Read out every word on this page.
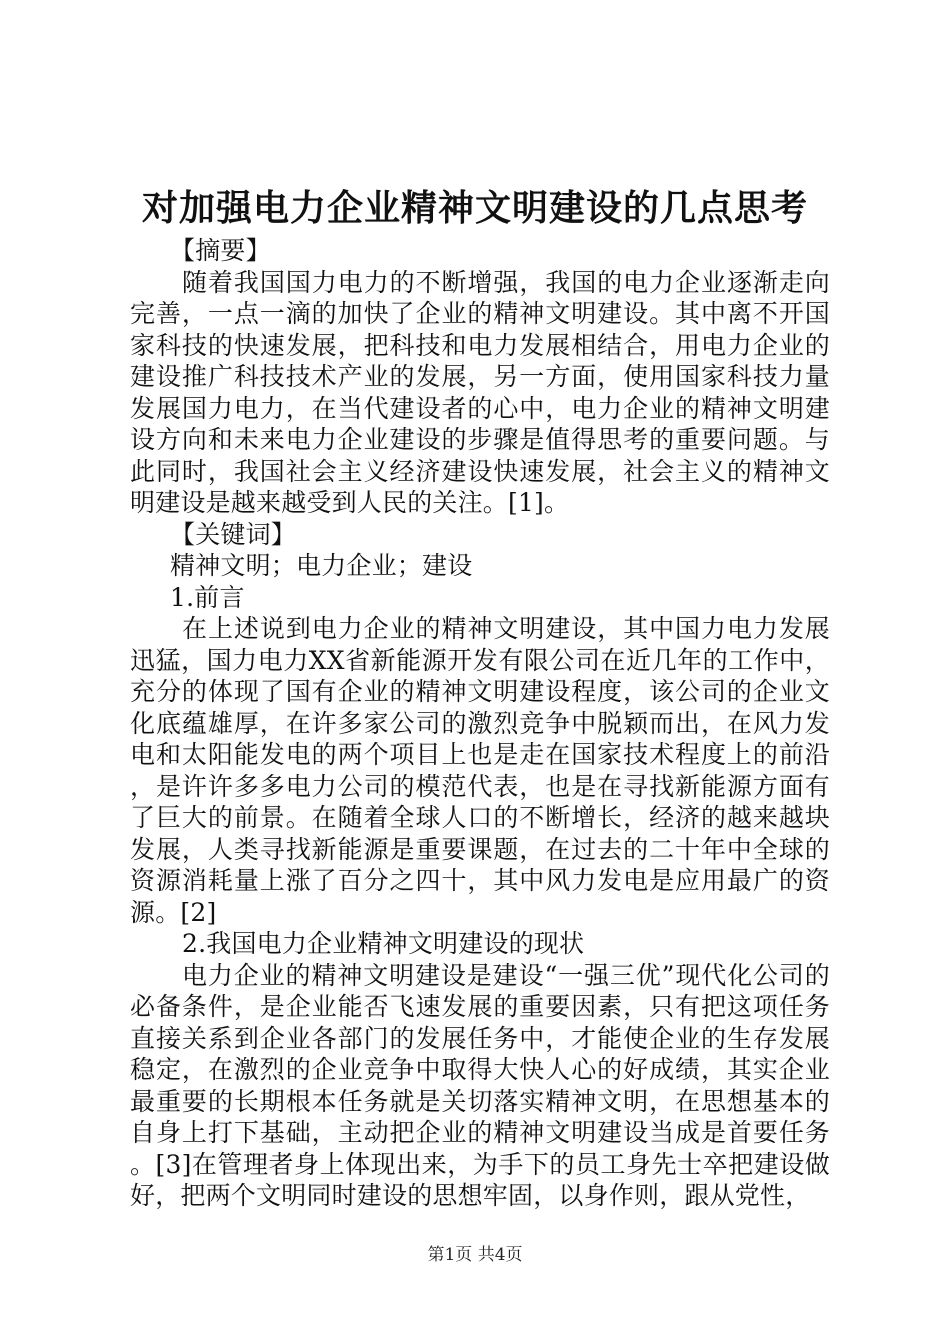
对加强电力企业精神文明建设的几点思考

【摘要】

随着我国国力电力的不断增强，我国的电力企业逐渐走向完善，一点一滴的加快了企业的精神文明建设。其中离不开国家科技的快速发展，把科技和电力发展相结合，用电力企业的建设推广科技技术产业的发展，另一方面，使用国家科技力量发展国力电力，在当代建设者的心中，电力企业的精神文明建设方向和未来电力企业建设的步骤是值得思考的重要问题。与此同时，我国社会主义经济建设快速发展，社会主义的精神文明建设是越来越受到人民的关注。[1]。

【关键词】

精神文明；电力企业；建设

1.前言

在上述说到电力企业的精神文明建设，其中国力电力发展迅猛，国力电力XX省新能源开发有限公司在近几年的工作中，充分的体现了国有企业的精神文明建设程度，该公司的企业文化底蕴雄厚，在许多家公司的激烈竞争中脱颖而出，在风力发电和太阳能发电的两个项目上也是走在国家技术程度上的前沿，是许许多多电力公司的模范代表，也是在寻找新能源方面有了巨大的前景。在随着全球人口的不断增长，经济的越来越块发展，人类寻找新能源是重要课题，在过去的二十年中全球的资源消耗量上涨了百分之四十，其中风力发电是应用最广的资源。[2]

2.我国电力企业精神文明建设的现状

电力企业的精神文明建设是建设“一强三优”现代化公司的必备条件，是企业能否飞速发展的重要因素，只有把这项任务直接关系到企业各部门的发展任务中，才能使企业的生存发展稳定，在激烈的企业竞争中取得大快人心的好成绩，其实企业最重要的长期根本任务就是关切落实精神文明，在思想基本的自身上打下基础，主动把企业的精神文明建设当成是首要任务。[3]在管理者身上体现出来，为手下的员工身先士卒把建设做好，把两个文明同时建设的思想牢固，以身作则，跟从党性，

第1页 共4页
